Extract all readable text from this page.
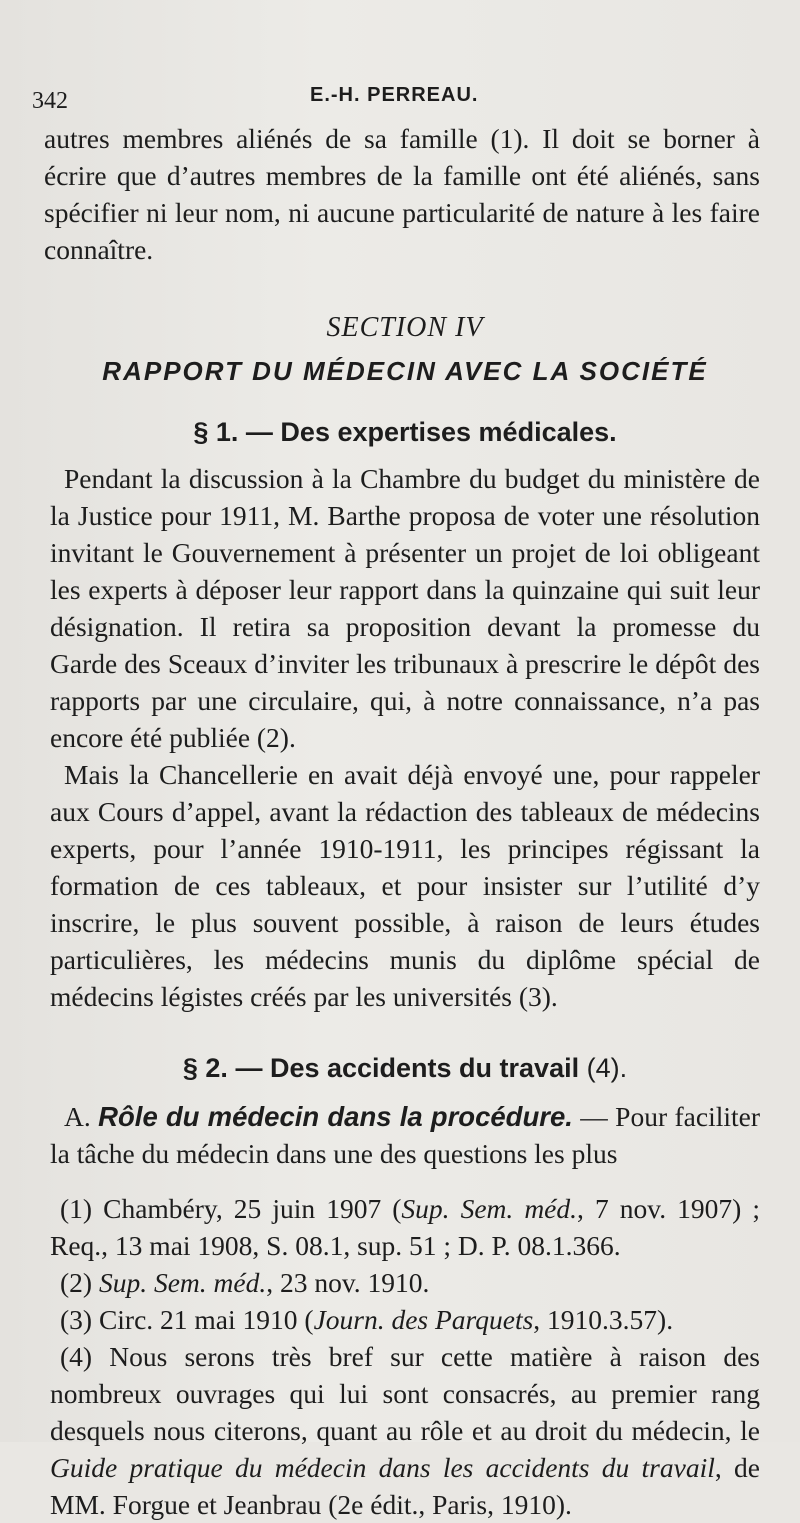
342	E.-H. PERREAU.

autres membres aliénés de sa famille (1). Il doit se borner à écrire que d’autres membres de la famille ont été aliénés, sans spécifier ni leur nom, ni aucune particularité de nature à les faire connaître.

SECTION IV
RAPPORT DU MÉDECIN AVEC LA SOCIÉTÉ
§ 1. — Des expertises médicales.

Pendant la discussion à la Chambre du budget du ministère de la Justice pour 1911, M. Barthe proposa de voter une résolution invitant le Gouvernement à présenter un projet de loi obligeant les experts à déposer leur rapport dans la quinzaine qui suit leur désignation. Il retira sa proposition devant la promesse du Garde des Sceaux d’inviter les tribunaux à prescrire le dépôt des rapports par une circulaire, qui, à notre connaissance, n’a pas encore été publiée (2).

Mais la Chancellerie en avait déjà envoyé une, pour rappeler aux Cours d’appel, avant la rédaction des tableaux de médecins experts, pour l’année 1910-1911, les principes régissant la formation de ces tableaux, et pour insister sur l’utilité d’y inscrire, le plus souvent possible, à raison de leurs études particulières, les médecins munis du diplôme spécial de médecins légistes créés par les universités (3).

§ 2. — Des accidents du travail (4).

A. Rôle du médecin dans la procédure. — Pour faciliter la tâche du médecin dans une des questions les plus

(1) Chambéry, 25 juin 1907 (Sup. Sem. méd., 7 nov. 1907) ; Req., 13 mai 1908, S. 08.1, sup. 51 ; D. P. 08.1.366.

(2) Sup. Sem. méd., 23 nov. 1910.

(3) Circ. 21 mai 1910 (Journ. des Parquets, 1910.3.57).

(4) Nous serons très bref sur cette matière à raison des nombreux ouvrages qui lui sont consacrés, au premier rang desquels nous citerons, quant au rôle et au droit du médecin, le Guide pratique du médecin dans les accidents du travail, de MM. Forgue et Jeanbrau (2e édit., Paris, 1910).
